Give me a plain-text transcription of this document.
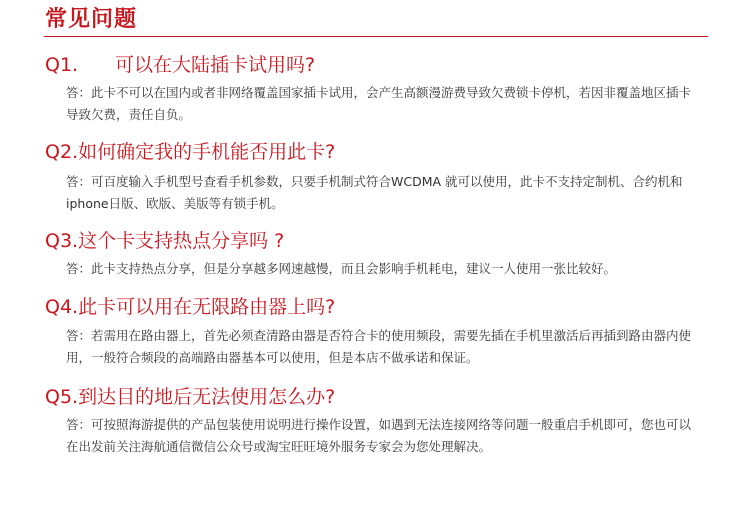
常见问题
Q1. 可以在大陆插卡试用吗?

答：此卡不可以在国内或者非网络覆盖国家插卡试用，会产生高额漫游费导致欠费锁卡停机，若因非覆盖地区插卡导致欠费，责任自负。

Q2.如何确定我的手机能否用此卡?

答：可百度输入手机型号查看手机参数，只要手机制式符合WCDMA 就可以使用，此卡不支持定制机、合约机和iphone日版、欧版、美版等有锁手机。

Q3.这个卡支持热点分享吗 ?

答：此卡支持热点分享，但是分享越多网速越慢，而且会影响手机耗电，建议一人使用一张比较好。

Q4.此卡可以用在无限路由器上吗?

答：若需用在路由器上，首先必须查清路由器是否符合卡的使用频段，需要先插在手机里激活后再插到路由器内使用，一般符合频段的高端路由器基本可以使用，但是本店不做承诺和保证。

Q5.到达目的地后无法使用怎么办?

答：可按照海游提供的产品包装使用说明进行操作设置，如遇到无法连接网络等问题一般重启手机即可，您也可以在出发前关注海航通信微信公众号或淘宝旺旺境外服务专家会为您处理解决。
